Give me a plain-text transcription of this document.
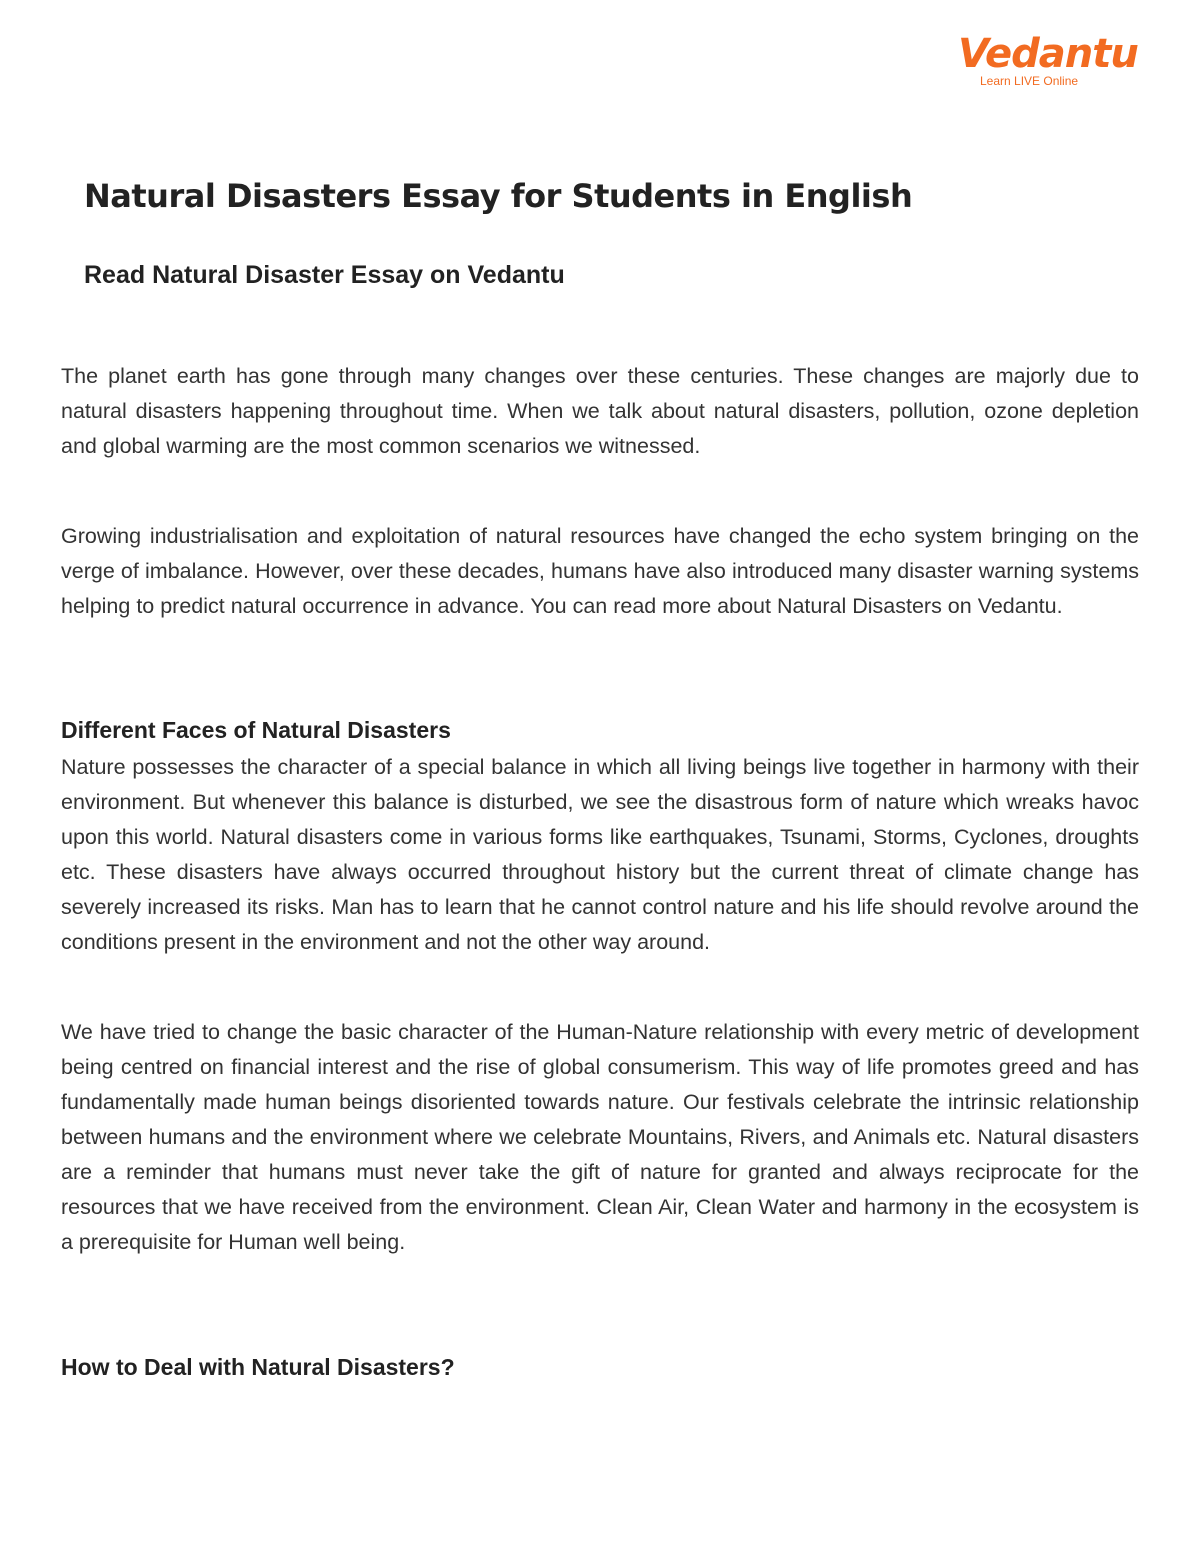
Vedantu
Learn LIVE Online
Natural Disasters Essay for Students in English
Read Natural Disaster Essay on Vedantu

The planet earth has gone through many changes over these centuries. These changes are majorly due to natural disasters happening throughout time. When we talk about natural disasters, pollution, ozone depletion and global warming are the most common scenarios we witnessed.

Growing industrialisation and exploitation of natural resources have changed the echo system bringing on the verge of imbalance. However, over these decades, humans have also introduced many disaster warning systems helping to predict natural occurrence in advance. You can read more about Natural Disasters on Vedantu.

Different Faces of Natural Disasters

Nature possesses the character of a special balance in which all living beings live together in harmony with their environment. But whenever this balance is disturbed, we see the disastrous form of nature which wreaks havoc upon this world. Natural disasters come in various forms like earthquakes, Tsunami, Storms, Cyclones, droughts etc. These disasters have always occurred throughout history but the current threat of climate change has severely increased its risks. Man has to learn that he cannot control nature and his life should revolve around the conditions present in the environment and not the other way around.

We have tried to change the basic character of the Human-Nature relationship with every metric of development being centred on financial interest and the rise of global consumerism. This way of life promotes greed and has fundamentally made human beings disoriented towards nature. Our festivals celebrate the intrinsic relationship between humans and the environment where we celebrate Mountains, Rivers, and Animals etc. Natural disasters are a reminder that humans must never take the gift of nature for granted and always reciprocate for the resources that we have received from the environment. Clean Air, Clean Water and harmony in the ecosystem is a prerequisite for Human well being.

How to Deal with Natural Disasters?
